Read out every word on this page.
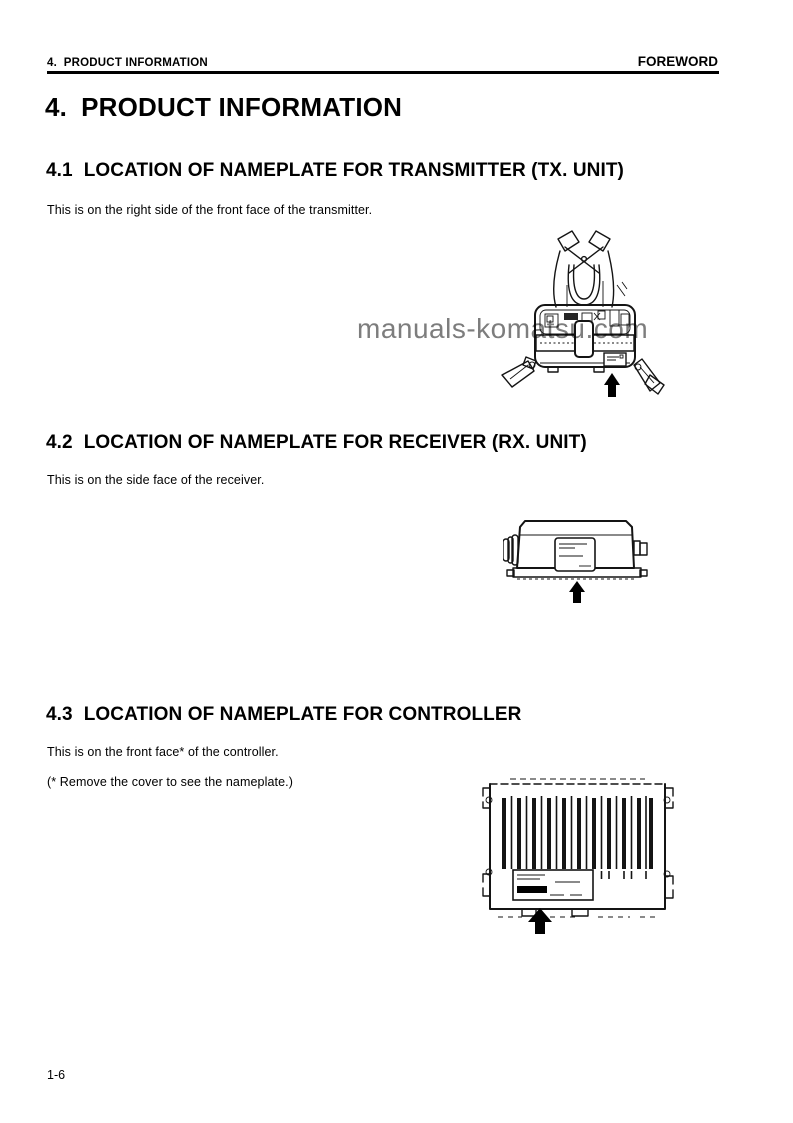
4.  PRODUCT INFORMATION	FOREWORD
4. PRODUCT INFORMATION
4.1 LOCATION OF NAMEPLATE FOR TRANSMITTER (TX. UNIT)
This is on the right side of the front face of the transmitter.
manuals-komatsu.com
4.2 LOCATION OF NAMEPLATE FOR RECEIVER (RX. UNIT)
This is on the side face of the receiver.
4.3 LOCATION OF NAMEPLATE FOR CONTROLLER
This is on the front face* of the controller.
(* Remove the cover to see the nameplate.)
1-6
